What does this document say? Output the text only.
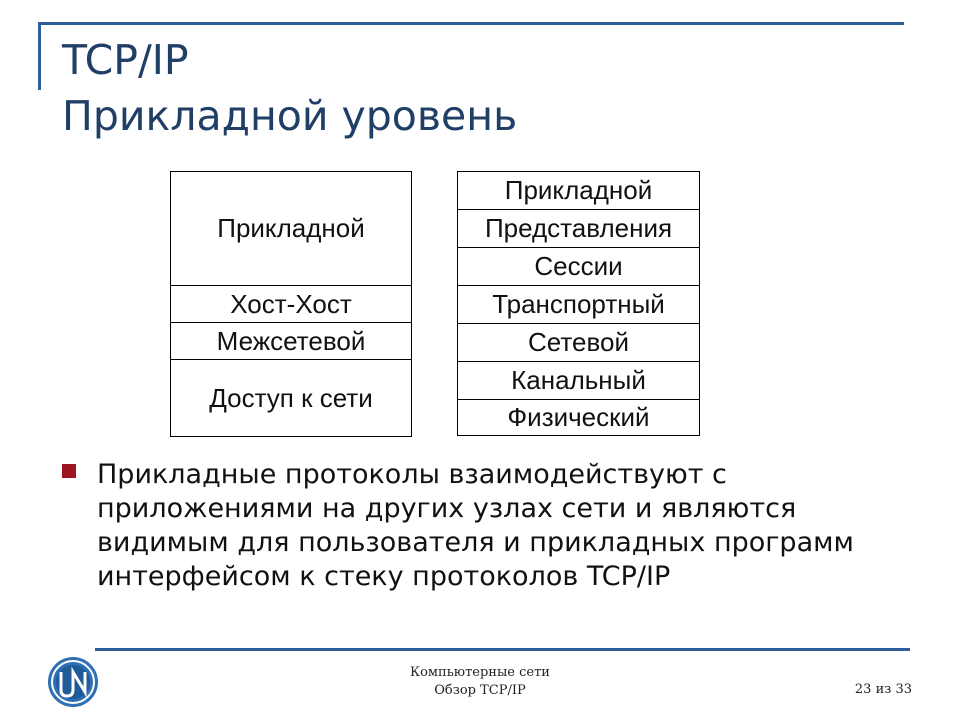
TCP/IP
Прикладной уровень
Прикладной
Хост-Хост
Межсетевой
Доступ к сети
Прикладной
Представления
Сессии
Транспортный
Сетевой
Канальный
Физический
Прикладные протоколы взаимодействуют с приложениями на других узлах сети и являются видимым для пользователя и прикладных программ интерфейсом к стеку протоколов TCP/IP
Компьютерные сети
Обзор TCP/IP	23 из 33
